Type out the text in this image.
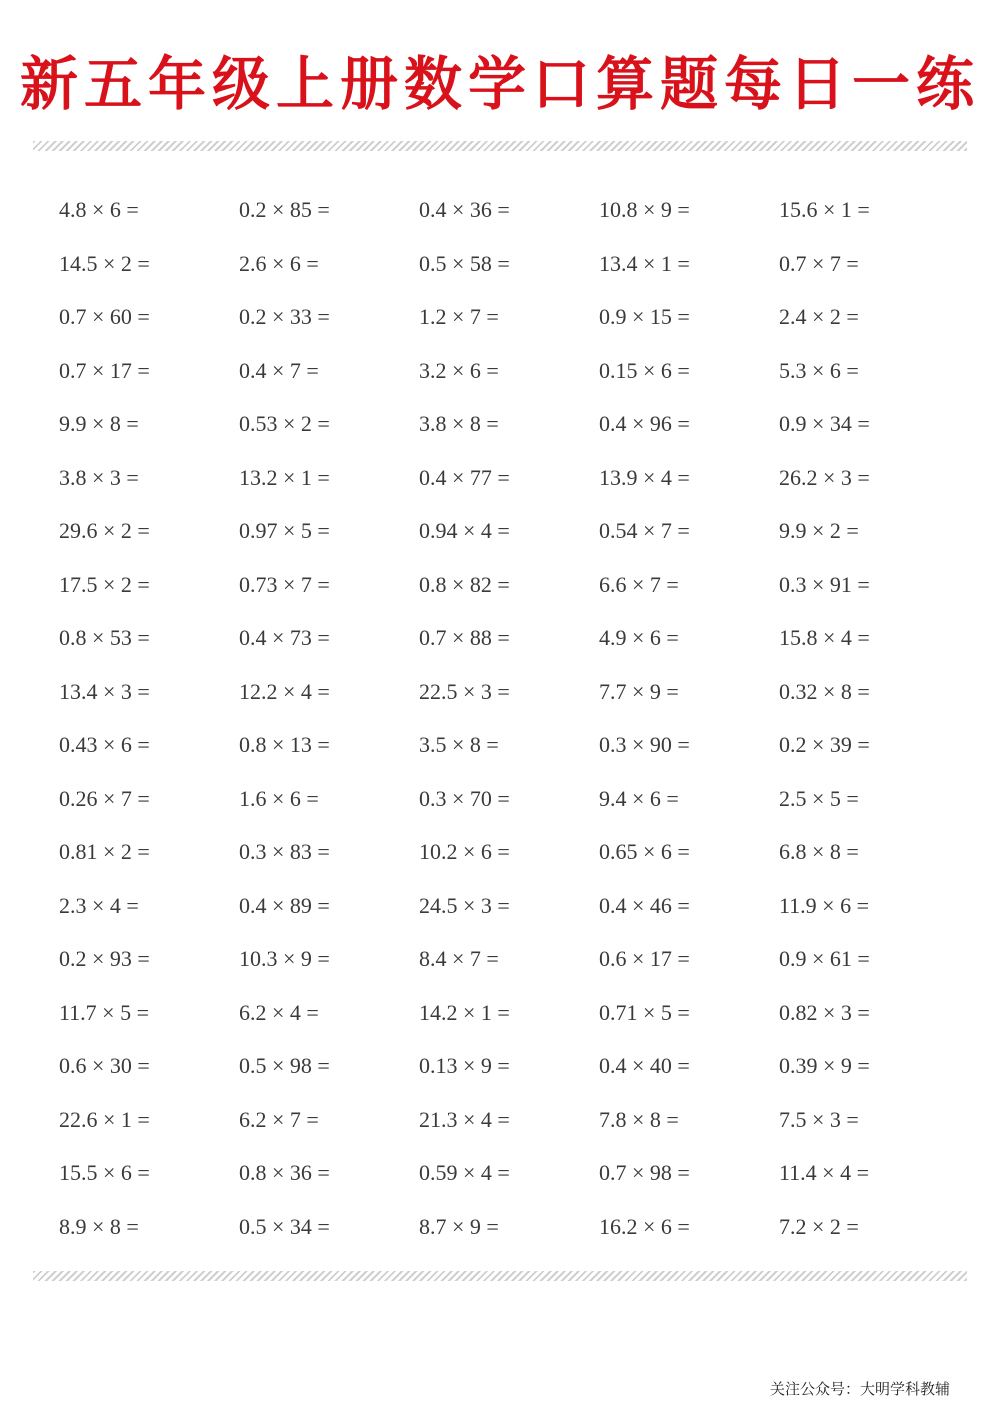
新五年级上册数学口算题每日一练
4.8 × 6 =	0.2 × 85 =	0.4 × 36 =	10.8 × 9 =	15.6 × 1 =
14.5 × 2 =	2.6 × 6 =	0.5 × 58 =	13.4 × 1 =	0.7 × 7 =
0.7 × 60 =	0.2 × 33 =	1.2 × 7 =	0.9 × 15 =	2.4 × 2 =
0.7 × 17 =	0.4 × 7 =	3.2 × 6 =	0.15 × 6 =	5.3 × 6 =
9.9 × 8 =	0.53 × 2 =	3.8 × 8 =	0.4 × 96 =	0.9 × 34 =
3.8 × 3 =	13.2 × 1 =	0.4 × 77 =	13.9 × 4 =	26.2 × 3 =
29.6 × 2 =	0.97 × 5 =	0.94 × 4 =	0.54 × 7 =	9.9 × 2 =
17.5 × 2 =	0.73 × 7 =	0.8 × 82 =	6.6 × 7 =	0.3 × 91 =
0.8 × 53 =	0.4 × 73 =	0.7 × 88 =	4.9 × 6 =	15.8 × 4 =
13.4 × 3 =	12.2 × 4 =	22.5 × 3 =	7.7 × 9 =	0.32 × 8 =
0.43 × 6 =	0.8 × 13 =	3.5 × 8 =	0.3 × 90 =	0.2 × 39 =
0.26 × 7 =	1.6 × 6 =	0.3 × 70 =	9.4 × 6 =	2.5 × 5 =
0.81 × 2 =	0.3 × 83 =	10.2 × 6 =	0.65 × 6 =	6.8 × 8 =
2.3 × 4 =	0.4 × 89 =	24.5 × 3 =	0.4 × 46 =	11.9 × 6 =
0.2 × 93 =	10.3 × 9 =	8.4 × 7 =	0.6 × 17 =	0.9 × 61 =
11.7 × 5 =	6.2 × 4 =	14.2 × 1 =	0.71 × 5 =	0.82 × 3 =
0.6 × 30 =	0.5 × 98 =	0.13 × 9 =	0.4 × 40 =	0.39 × 9 =
22.6 × 1 =	6.2 × 7 =	21.3 × 4 =	7.8 × 8 =	7.5 × 3 =
15.5 × 6 =	0.8 × 36 =	0.59 × 4 =	0.7 × 98 =	11.4 × 4 =
8.9 × 8 =	0.5 × 34 =	8.7 × 9 =	16.2 × 6 =	7.2 × 2 =
关注公众号：大明学科教辅
